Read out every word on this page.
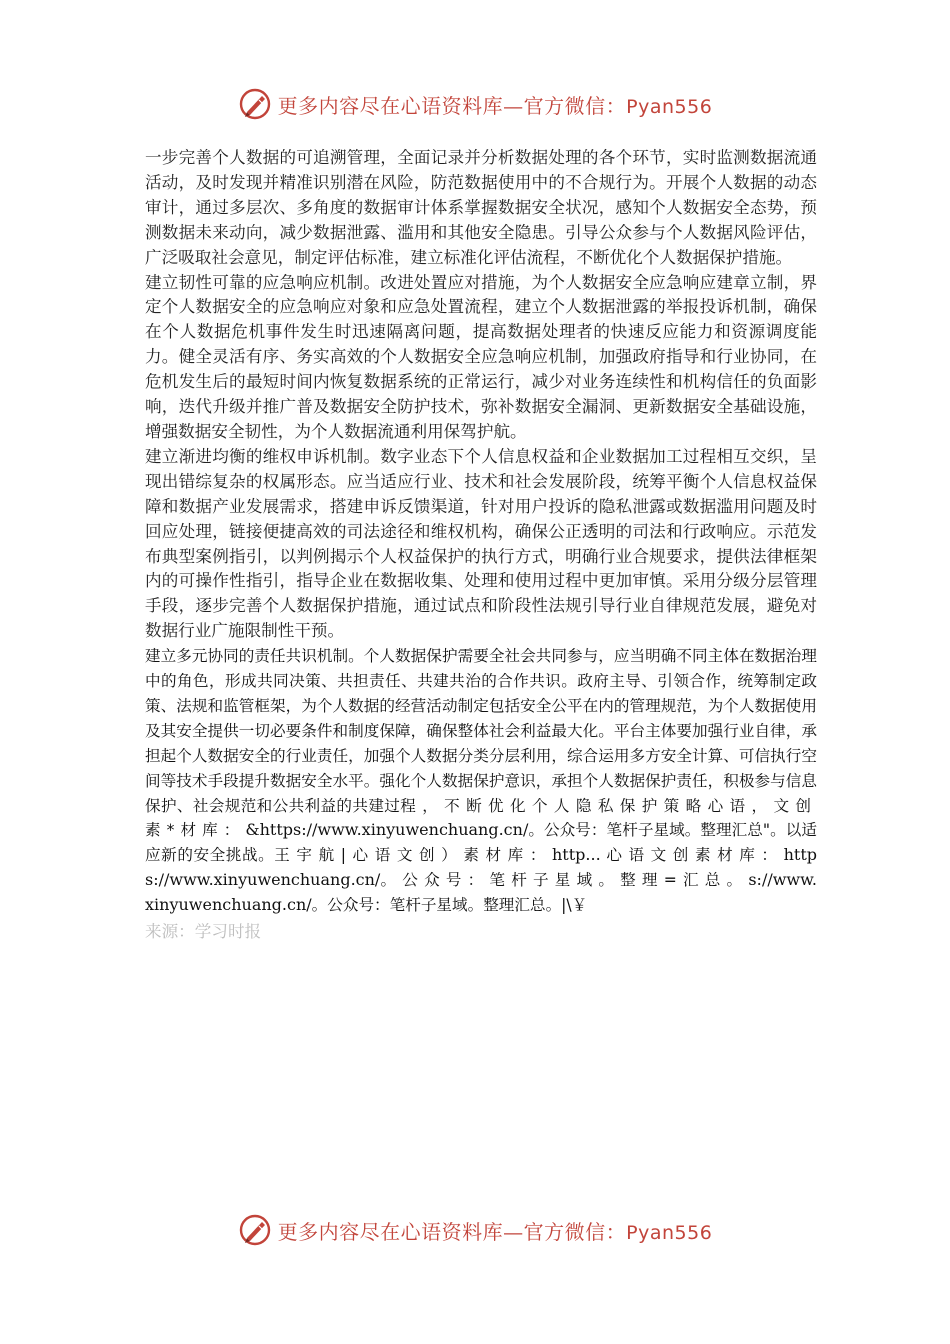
更多内容尽在心语资料库—官方微信：Pyan556

一步完善个人数据的可追溯管理，全面记录并分析数据处理的各个环节，实时监测数据流通活动，及时发现并精准识别潜在风险，防范数据使用中的不合规行为。开展个人数据的动态审计，通过多层次、多角度的数据审计体系掌握数据安全状况，感知个人数据安全态势，预测数据未来动向，减少数据泄露、滥用和其他安全隐患。引导公众参与个人数据风险评估，广泛吸取社会意见，制定评估标准，建立标准化评估流程，不断优化个人数据保护措施。

建立韧性可靠的应急响应机制。改进处置应对措施，为个人数据安全应急响应建章立制，界定个人数据安全的应急响应对象和应急处置流程，建立个人数据泄露的举报投诉机制，确保在个人数据危机事件发生时迅速隔离问题，提高数据处理者的快速反应能力和资源调度能力。健全灵活有序、务实高效的个人数据安全应急响应机制，加强政府指导和行业协同，在危机发生后的最短时间内恢复数据系统的正常运行，减少对业务连续性和机构信任的负面影响，迭代升级并推广普及数据安全防护技术，弥补数据安全漏洞、更新数据安全基础设施，增强数据安全韧性，为个人数据流通利用保驾护航。

建立渐进均衡的维权申诉机制。数字业态下个人信息权益和企业数据加工过程相互交织，呈现出错综复杂的权属形态。应当适应行业、技术和社会发展阶段，统筹平衡个人信息权益保障和数据产业发展需求，搭建申诉反馈渠道，针对用户投诉的隐私泄露或数据滥用问题及时回应处理，链接便捷高效的司法途径和维权机构，确保公正透明的司法和行政响应。示范发布典型案例指引，以判例揭示个人权益保护的执行方式，明确行业合规要求，提供法律框架内的可操作性指引，指导企业在数据收集、处理和使用过程中更加审慎。采用分级分层管理手段，逐步完善个人数据保护措施，通过试点和阶段性法规引导行业自律规范发展，避免对数据行业广施限制性干预。

建立多元协同的责任共识机制。个人数据保护需要全社会共同参与，应当明确不同主体在数据治理中的角色，形成共同决策、共担责任、共建共治的合作共识。政府主导、引领合作，统筹制定政策、法规和监管框架，为个人数据的经营活动制定包括安全公平在内的管理规范，为个人数据使用及其安全提供一切必要条件和制度保障，确保整体社会利益最大化。平台主体要加强行业自律，承担起个人数据安全的行业责任，加强个人数据分类分层利用，综合运用多方安全计算、可信执行空间等技术手段提升数据安全水平。强化个人数据保护意识，承担个人数据保护责任，积极参与信息保护、社会规范和公共利益的共建过程，不断优化个人隐私保护策略心语，文创素*材库：&https://www.xinyuwenchuang.cn/。公众号：笔杆子星域。整理汇总"。以适应新的安全挑战。王宇航|心语文创）素材库：http... 心语文创素材库：https://www.xinyuwenchuang.cn/。公众号：笔杆子星域。整理=汇总。s://www.xinyuwenchuang.cn/。公众号：笔杆子星域。整理汇总。|\￥

来源：学习时报

更多内容尽在心语资料库—官方微信：Pyan556
